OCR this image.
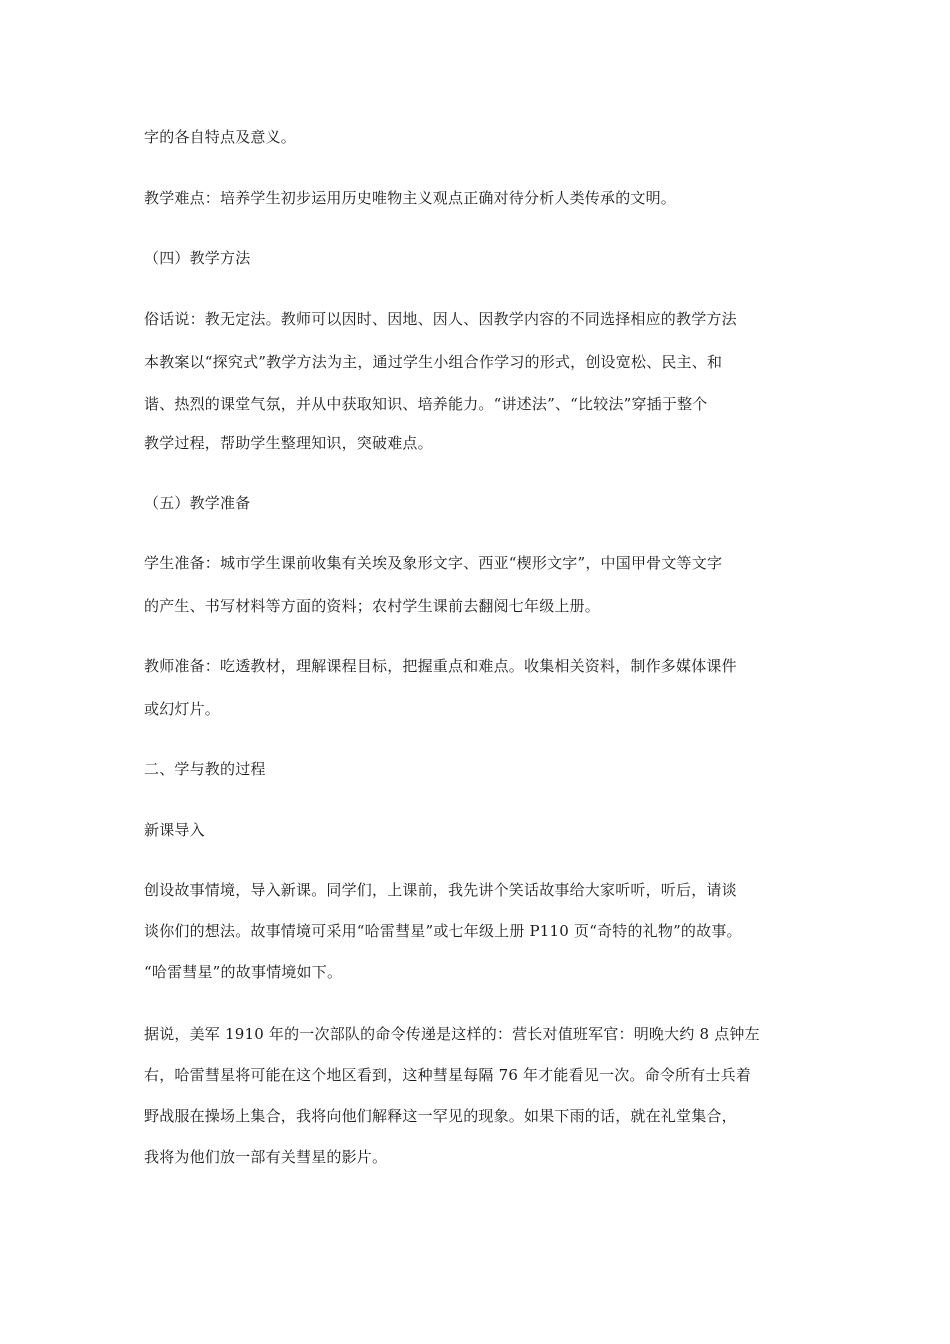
字的各自特点及意义。
教学难点：培养学生初步运用历史唯物主义观点正确对待分析人类传承的文明。
（四）教学方法
俗话说：教无定法。教师可以因时、因地、因人、因教学内容的不同选择相应的教学方法
本教案以“探究式”教学方法为主，通过学生小组合作学习的形式，创设宽松、民主、和
谐、热烈的课堂气氛，并从中获取知识、培养能力。“讲述法”、“比较法”穿插于整个
教学过程，帮助学生整理知识，突破难点。
（五）教学准备
学生准备：城市学生课前收集有关埃及象形文字、西亚“楔形文字”，中国甲骨文等文字
的产生、书写材料等方面的资料；农村学生课前去翻阅七年级上册。
教师准备：吃透教材，理解课程目标，把握重点和难点。收集相关资料，制作多媒体课件
或幻灯片。
二、学与教的过程
新课导入
创设故事情境，导入新课。同学们，上课前，我先讲个笑话故事给大家听听，听后，请谈
谈你们的想法。故事情境可采用“哈雷彗星”或七年级上册 P110 页“奇特的礼物”的故事。
“哈雷彗星”的故事情境如下。
据说，美军 1910 年的一次部队的命令传递是这样的：营长对值班军官：明晚大约 8 点钟左
右，哈雷彗星将可能在这个地区看到，这种彗星每隔 76 年才能看见一次。命令所有士兵着
野战服在操场上集合，我将向他们解释这一罕见的现象。如果下雨的话，就在礼堂集合，
我将为他们放一部有关彗星的影片。
